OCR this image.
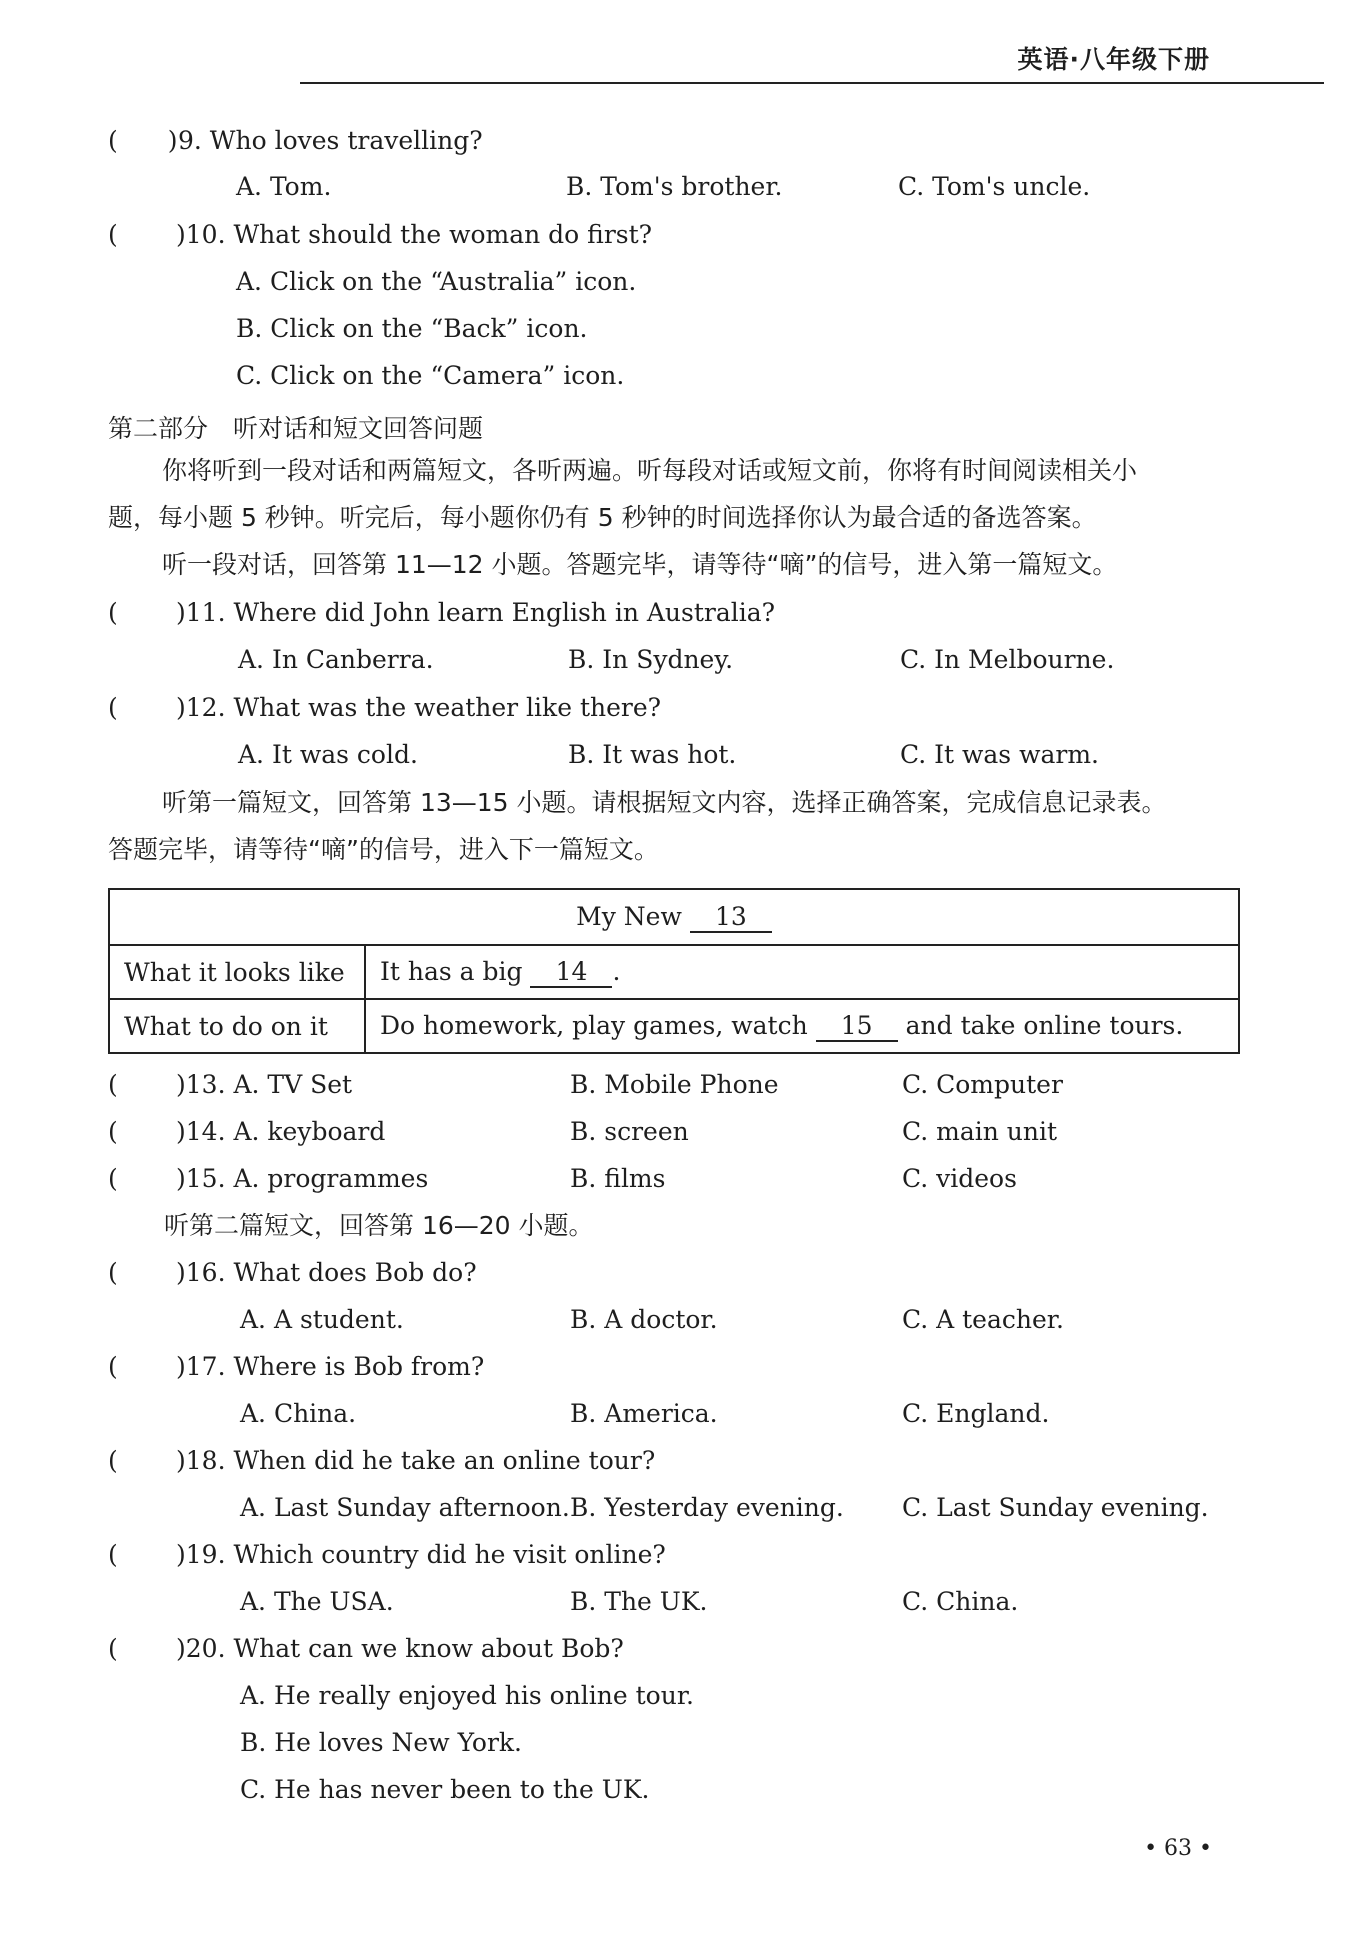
英语·八年级下册
(　　)9. Who loves travelling?
A. Tom.	B. Tom's brother.	C. Tom's uncle.
(　　)10. What should the woman do first?
A. Click on the “Australia” icon.
B. Click on the “Back” icon.
C. Click on the “Camera” icon.
第二部分　听对话和短文回答问题
你将听到一段对话和两篇短文，各听两遍。听每段对话或短文前，你将有时间阅读相关小
题，每小题 5 秒钟。听完后，每小题你仍有 5 秒钟的时间选择你认为最合适的备选答案。
听一段对话，回答第 11—12 小题。答题完毕，请等待“嘀”的信号，进入第一篇短文。
(　　)11. Where did John learn English in Australia?
A. In Canberra.	B. In Sydney.	C. In Melbourne.
(　　)12. What was the weather like there?
A. It was cold.	B. It was hot.	C. It was warm.
听第一篇短文，回答第 13—15 小题。请根据短文内容，选择正确答案，完成信息记录表。
答题完毕，请等待“嘀”的信号，进入下一篇短文。
My New 13	
What it looks like	It has a big 14 .
What to do on it	Do homework, play games, watch 15 and take online tours.
(　　)13. A. TV Set	B. Mobile Phone	C. Computer
(　　)14. A. keyboard	B. screen	C. main unit
(　　)15. A. programmes	B. films	C. videos
听第二篇短文，回答第 16—20 小题。
(　　)16. What does Bob do?
A. A student.	B. A doctor.	C. A teacher.
(　　)17. Where is Bob from?
A. China.	B. America.	C. England.
(　　)18. When did he take an online tour?
A. Last Sunday afternoon. B. Yesterday evening. C. Last Sunday evening.
(　　)19. Which country did he visit online?
A. The USA.	B. The UK.	C. China.
(　　)20. What can we know about Bob?
A. He really enjoyed his online tour.
B. He loves New York.
C. He has never been to the UK.
• 63 •
